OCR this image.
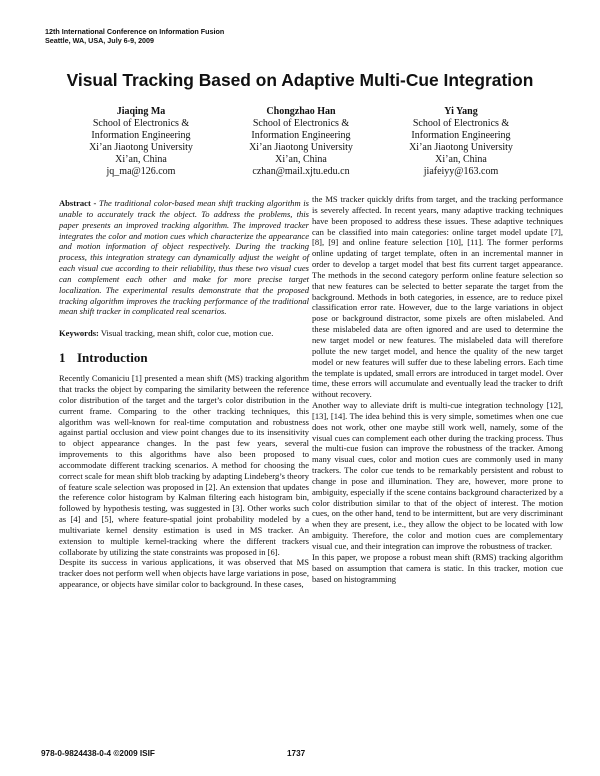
12th International Conference on Information Fusion
Seattle, WA, USA, July 6-9, 2009
Visual Tracking Based on Adaptive Multi-Cue Integration
Jiaqing Ma
School of Electronics &
Information Engineering
Xi’an Jiaotong University
Xi’an, China
jq_ma@126.com
Chongzhao Han
School of Electronics &
Information Engineering
Xi’an Jiaotong University
Xi’an, China
czhan@mail.xjtu.edu.cn
Yi Yang
School of Electronics &
Information Engineering
Xi’an Jiaotong University
Xi’an, China
jiafeiyy@163.com

Abstract - The traditional color-based mean shift tracking algorithm is unable to accurately track the object. To address the problems, this paper presents an improved tracking algorithm. The improved tracker integrates the color and motion cues which characterize the appearance and motion information of object respectively. During the tracking process, this integration strategy can dynamically adjust the weight of each visual cue according to their reliability, thus these two visual cues can complement each other and make for more precise target localization. The experimental results demonstrate that the proposed tracking algorithm improves the tracking performance of the traditional mean shift tracker in complicated real scenarios.

Keywords: Visual tracking, mean shift, color cue, motion cue.

1 Introduction

Recently Comaniciu [1] presented a mean shift (MS) tracking algorithm that tracks the object by comparing the similarity between the reference color distribution of the target and the target’s color distribution in the current frame. Comparing to the other tracking techniques, this algorithm was well-known for real-time computation and robustness against partial occlusion and view point changes due to its insensitivity to object appearance changes. In the past few years, several improvements to this algorithms have also been proposed to accommodate different tracking scenarios. A method for choosing the correct scale for mean shift blob tracking by adapting Lindeberg’s theory of feature scale selection was proposed in [2]. An extension that updates the reference color histogram by Kalman filtering each histogram bin, followed by hypothesis testing, was suggested in [3]. Other works such as [4] and [5], where feature-spatial joint probability modeled by a multivariate kernel density estimation is used in MS tracker. An extension to multiple kernel-tracking where the different trackers collaborate by utilizing the state constraints was proposed in [6].

Despite its success in various applications, it was observed that MS tracker does not perform well when objects have large variations in pose, appearance, or objects have similar color to background. In these cases,

the MS tracker quickly drifts from target, and the tracking performance is severely affected. In recent years, many adaptive tracking techniques have been proposed to address these issues. These adaptive techniques can be classified into main categories: online target model update [7], [8], [9] and online feature selection [10], [11]. The former performs online updating of target template, often in an incremental manner in order to develop a target model that best fits current target appearance. The methods in the second category perform online feature selection so that new features can be selected to better separate the target from the background. Methods in both categories, in essence, are to reduce pixel classification error rate. However, due to the large variations in object pose or background distractor, some pixels are often mislabeled. And these mislabeled data are often ignored and are used to determine the new target model or new features. The mislabeled data will therefore pollute the new target model, and hence the quality of the new target model or new features will suffer due to these labeling errors. Each time the template is updated, small errors are introduced in target model. Over time, these errors will accumulate and eventually lead the tracker to drift without recovery.

Another way to alleviate drift is multi-cue integration technology [12], [13], [14]. The idea behind this is very simple, sometimes when one cue does not work, other one maybe still work well, namely, some of the visual cues can complement each other during the tracking process. Thus the multi-cue fusion can improve the robustness of the tracker. Among many visual cues, color and motion cues are commonly used in many trackers. The color cue tends to be remarkably persistent and robust to change in pose and illumination. They are, however, more prone to ambiguity, especially if the scene contains background characterized by a color distribution similar to that of the object of interest. The motion cues, on the other hand, tend to be intermittent, but are very discriminant when they are present, i.e., they allow the object to be located with low ambiguity. Therefore, the color and motion cues are complementary visual cue, and their integration can improve the robustness of tracker.

In this paper, we propose a robust mean shift (RMS) tracking algorithm based on assumption that camera is static. In this tracker, motion cue based on histogramming

978-0-9824438-0-4 ©2009 ISIF	1737
